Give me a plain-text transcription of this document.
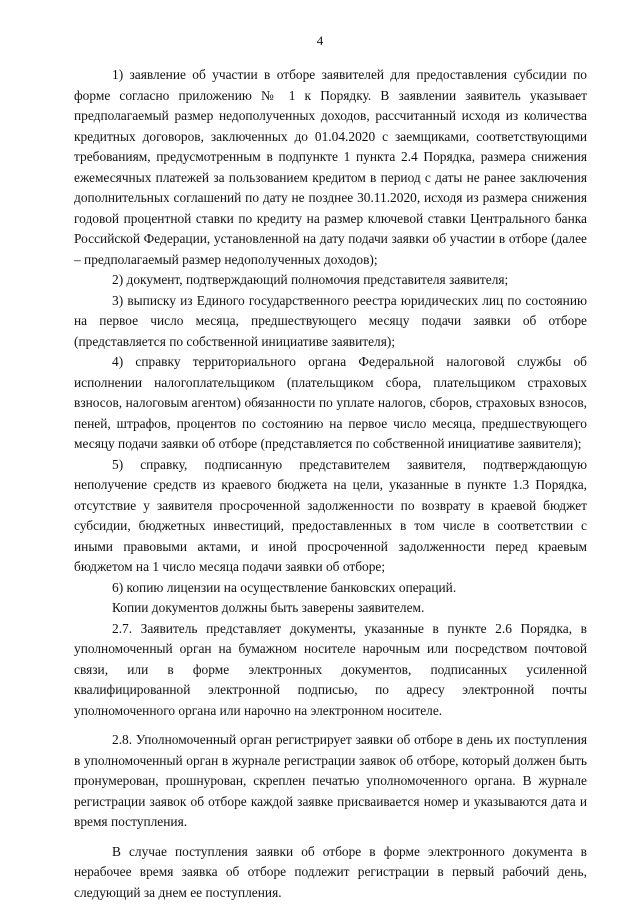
4

1) заявление об участии в отборе заявителей для предоставления субсидии по форме согласно приложению № 1 к Порядку. В заявлении заявитель указывает предполагаемый размер недополученных доходов, рассчитанный исходя из количества кредитных договоров, заключенных до 01.04.2020 с заемщиками, соответствующими требованиям, предусмотренным в подпункте 1 пункта 2.4 Порядка, размера снижения ежемесячных платежей за пользованием кредитом в период с даты не ранее заключения дополнительных соглашений по дату не позднее 30.11.2020, исходя из размера снижения годовой процентной ставки по кредиту на размер ключевой ставки Центрального банка Российской Федерации, установленной на дату подачи заявки об участии в отборе (далее – предполагаемый размер недополученных доходов);

2) документ, подтверждающий полномочия представителя заявителя;

3) выписку из Единого государственного реестра юридических лиц по состоянию на первое число месяца, предшествующего месяцу подачи заявки об отборе (представляется по собственной инициативе заявителя);

4) справку территориального органа Федеральной налоговой службы об исполнении налогоплательщиком (плательщиком сбора, плательщиком страховых взносов, налоговым агентом) обязанности по уплате налогов, сборов, страховых взносов, пеней, штрафов, процентов по состоянию на первое число месяца, предшествующего месяцу подачи заявки об отборе (представляется по собственной инициативе заявителя);

5) справку, подписанную представителем заявителя, подтверждающую неполучение средств из краевого бюджета на цели, указанные в пункте 1.3 Порядка, отсутствие у заявителя просроченной задолженности по возврату в краевой бюджет субсидии, бюджетных инвестиций, предоставленных в том числе в соответствии с иными правовыми актами, и иной просроченной задолженности перед краевым бюджетом на 1 число месяца подачи заявки об отборе;

6) копию лицензии на осуществление банковских операций.

Копии документов должны быть заверены заявителем.

2.7. Заявитель представляет документы, указанные в пункте 2.6 Порядка, в уполномоченный орган на бумажном носителе нарочным или посредством почтовой связи, или в форме электронных документов, подписанных усиленной квалифицированной электронной подписью, по адресу электронной почты уполномоченного органа или нарочно на электронном носителе.

2.8. Уполномоченный орган регистрирует заявки об отборе в день их поступления в уполномоченный орган в журнале регистрации заявок об отборе, который должен быть пронумерован, прошнурован, скреплен печатью уполномоченного органа. В журнале регистрации заявок об отборе каждой заявке присваивается номер и указываются дата и время поступления.

В случае поступления заявки об отборе в форме электронного документа в нерабочее время заявка об отборе подлежит регистрации в первый рабочий день, следующий за днем ее поступления.
